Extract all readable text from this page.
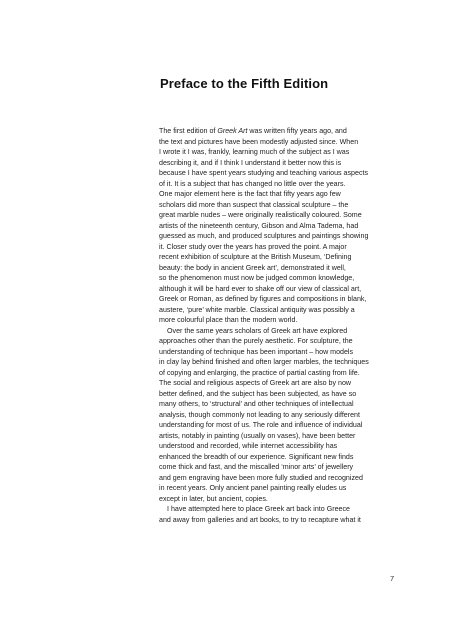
Preface to the Fifth Edition
The first edition of Greek Art was written fifty years ago, and
the text and pictures have been modestly adjusted since. When
I wrote it I was, frankly, learning much of the subject as I was
describing it, and if I think I understand it better now this is
because I have spent years studying and teaching various aspects
of it. It is a subject that has changed no little over the years.
One major element here is the fact that fifty years ago few
scholars did more than suspect that classical sculpture – the
great marble nudes – were originally realistically coloured. Some
artists of the nineteenth century, Gibson and Alma Tadema, had
guessed as much, and produced sculptures and paintings showing
it. Closer study over the years has proved the point. A major
recent exhibition of sculpture at the British Museum, ‘Defining
beauty: the body in ancient Greek art’, demonstrated it well,
so the phenomenon must now be judged common knowledge,
although it will be hard ever to shake off our view of classical art,
Greek or Roman, as defined by figures and compositions in blank,
austere, ‘pure’ white marble. Classical antiquity was possibly a
more colourful place than the modern world.
Over the same years scholars of Greek art have explored
approaches other than the purely aesthetic. For sculpture, the
understanding of technique has been important – how models
in clay lay behind finished and often larger marbles, the techniques
of copying and enlarging, the practice of partial casting from life.
The social and religious aspects of Greek art are also by now
better defined, and the subject has been subjected, as have so
many others, to ‘structural’ and other techniques of intellectual
analysis, though commonly not leading to any seriously different
understanding for most of us. The role and influence of individual
artists, notably in painting (usually on vases), have been better
understood and recorded, while internet accessibility has
enhanced the breadth of our experience. Significant new finds
come thick and fast, and the miscalled ‘minor arts’ of jewellery
and gem engraving have been more fully studied and recognized
in recent years. Only ancient panel painting really eludes us
except in later, but ancient, copies.
I have attempted here to place Greek art back into Greece
and away from galleries and art books, to try to recapture what it
7
